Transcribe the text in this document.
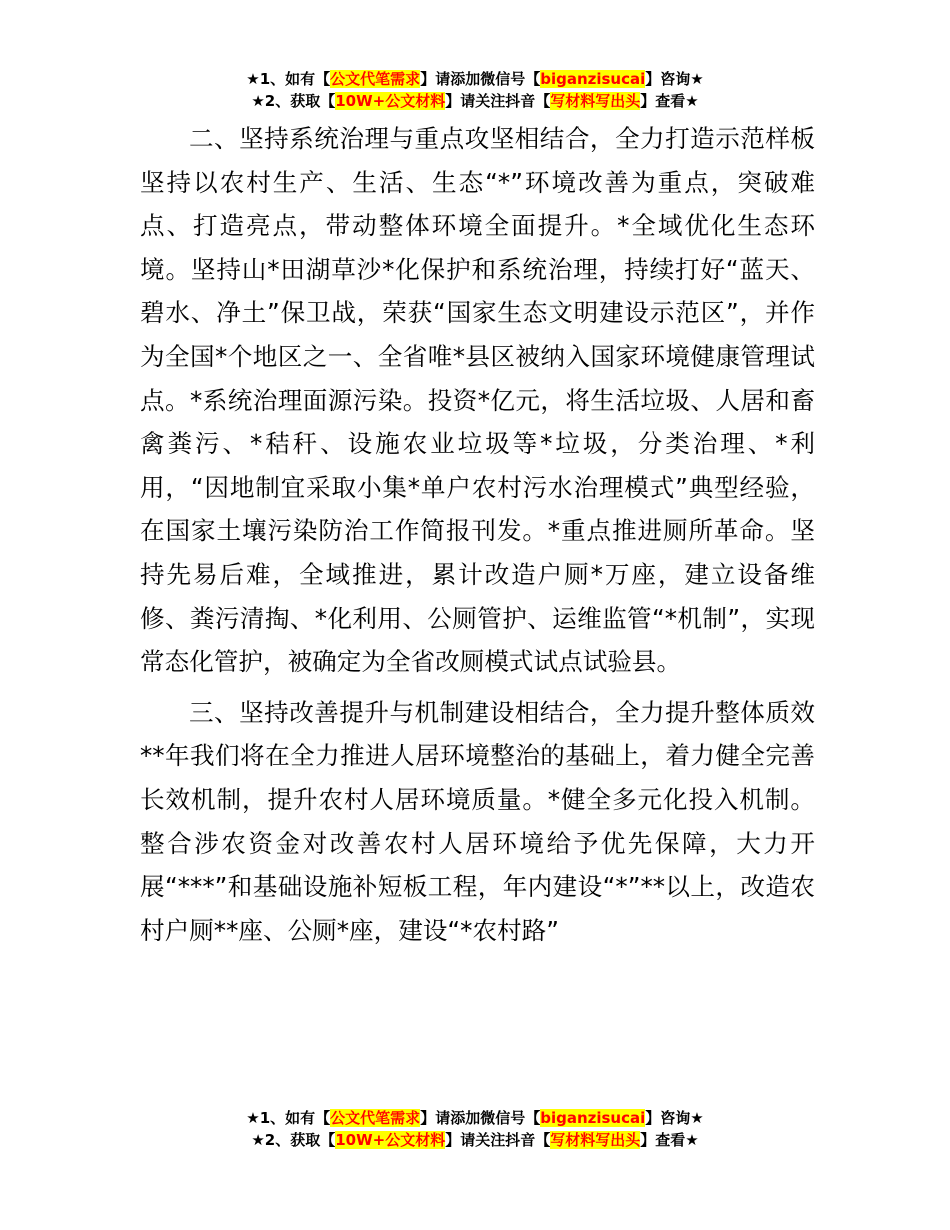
★1、如有【公文代笔需求】请添加微信号【biganzisucai】咨询★
★2、获取【10W+公文材料】请关注抖音【写材料写出头】查看★

二、坚持系统治理与重点攻坚相结合，全力打造示范样板坚持以农村生产、生活、生态“*”环境改善为重点，突破难点、打造亮点，带动整体环境全面提升。*全域优化生态环境。坚持山*田湖草沙*化保护和系统治理，持续打好“蓝天、碧水、净土”保卫战，荣获“国家生态文明建设示范区”，并作为全国*个地区之一、全省唯*县区被纳入国家环境健康管理试点。*系统治理面源污染。投资*亿元，将生活垃圾、人居和畜禽粪污、*秸秆、设施农业垃圾等*垃圾，分类治理、*利用，“因地制宜采取小集*单户农村污水治理模式”典型经验，在国家土壤污染防治工作简报刊发。*重点推进厕所革命。坚持先易后难，全域推进，累计改造户厕*万座，建立设备维修、粪污清掏、*化利用、公厕管护、运维监管“*机制”，实现常态化管护，被确定为全省改厕模式试点试验县。

三、坚持改善提升与机制建设相结合，全力提升整体质效**年我们将在全力推进人居环境整治的基础上，着力健全完善长效机制，提升农村人居环境质量。*健全多元化投入机制。整合涉农资金对改善农村人居环境给予优先保障，大力开展“***”和基础设施补短板工程，年内建设“*”**以上，改造农村户厕**座、公厕*座，建设“*农村路”

★1、如有【公文代笔需求】请添加微信号【biganzisucai】咨询★
★2、获取【10W+公文材料】请关注抖音【写材料写出头】查看★
